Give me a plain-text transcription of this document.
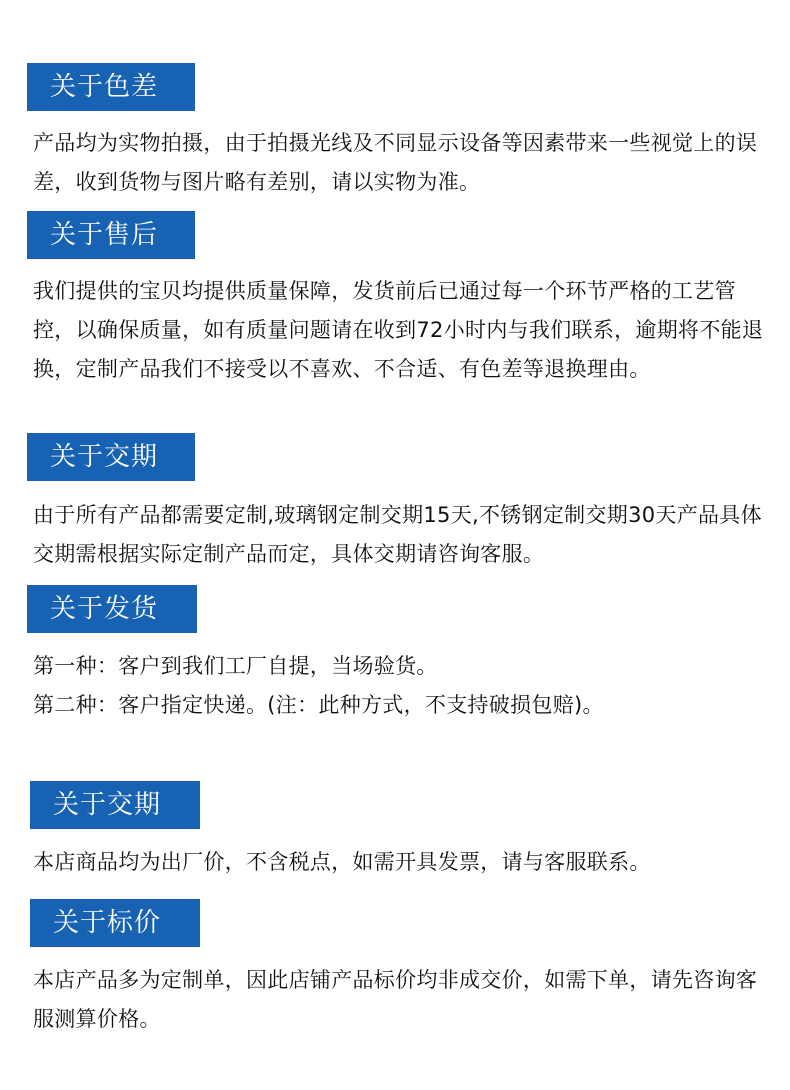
关于色差

产品均为实物拍摄，由于拍摄光线及不同显示设备等因素带来一些视觉上的误差，收到货物与图片略有差别，请以实物为准。

关于售后

我们提供的宝贝均提供质量保障，发货前后已通过每一个环节严格的工艺管控，以确保质量，如有质量问题请在收到72小时内与我们联系，逾期将不能退换，定制产品我们不接受以不喜欢、不合适、有色差等退换理由。

关于交期

由于所有产品都需要定制,玻璃钢定制交期15天,不锈钢定制交期30天产品具体交期需根据实际定制产品而定，具体交期请咨询客服。

关于发货

第一种：客户到我们工厂自提，当场验货。

第二种：客户指定快递。(注：此种方式，不支持破损包赔)。

关于交期

本店商品均为出厂价，不含税点，如需开具发票，请与客服联系。

关于标价

本店产品多为定制单，因此店铺产品标价均非成交价，如需下单，请先咨询客服测算价格。
